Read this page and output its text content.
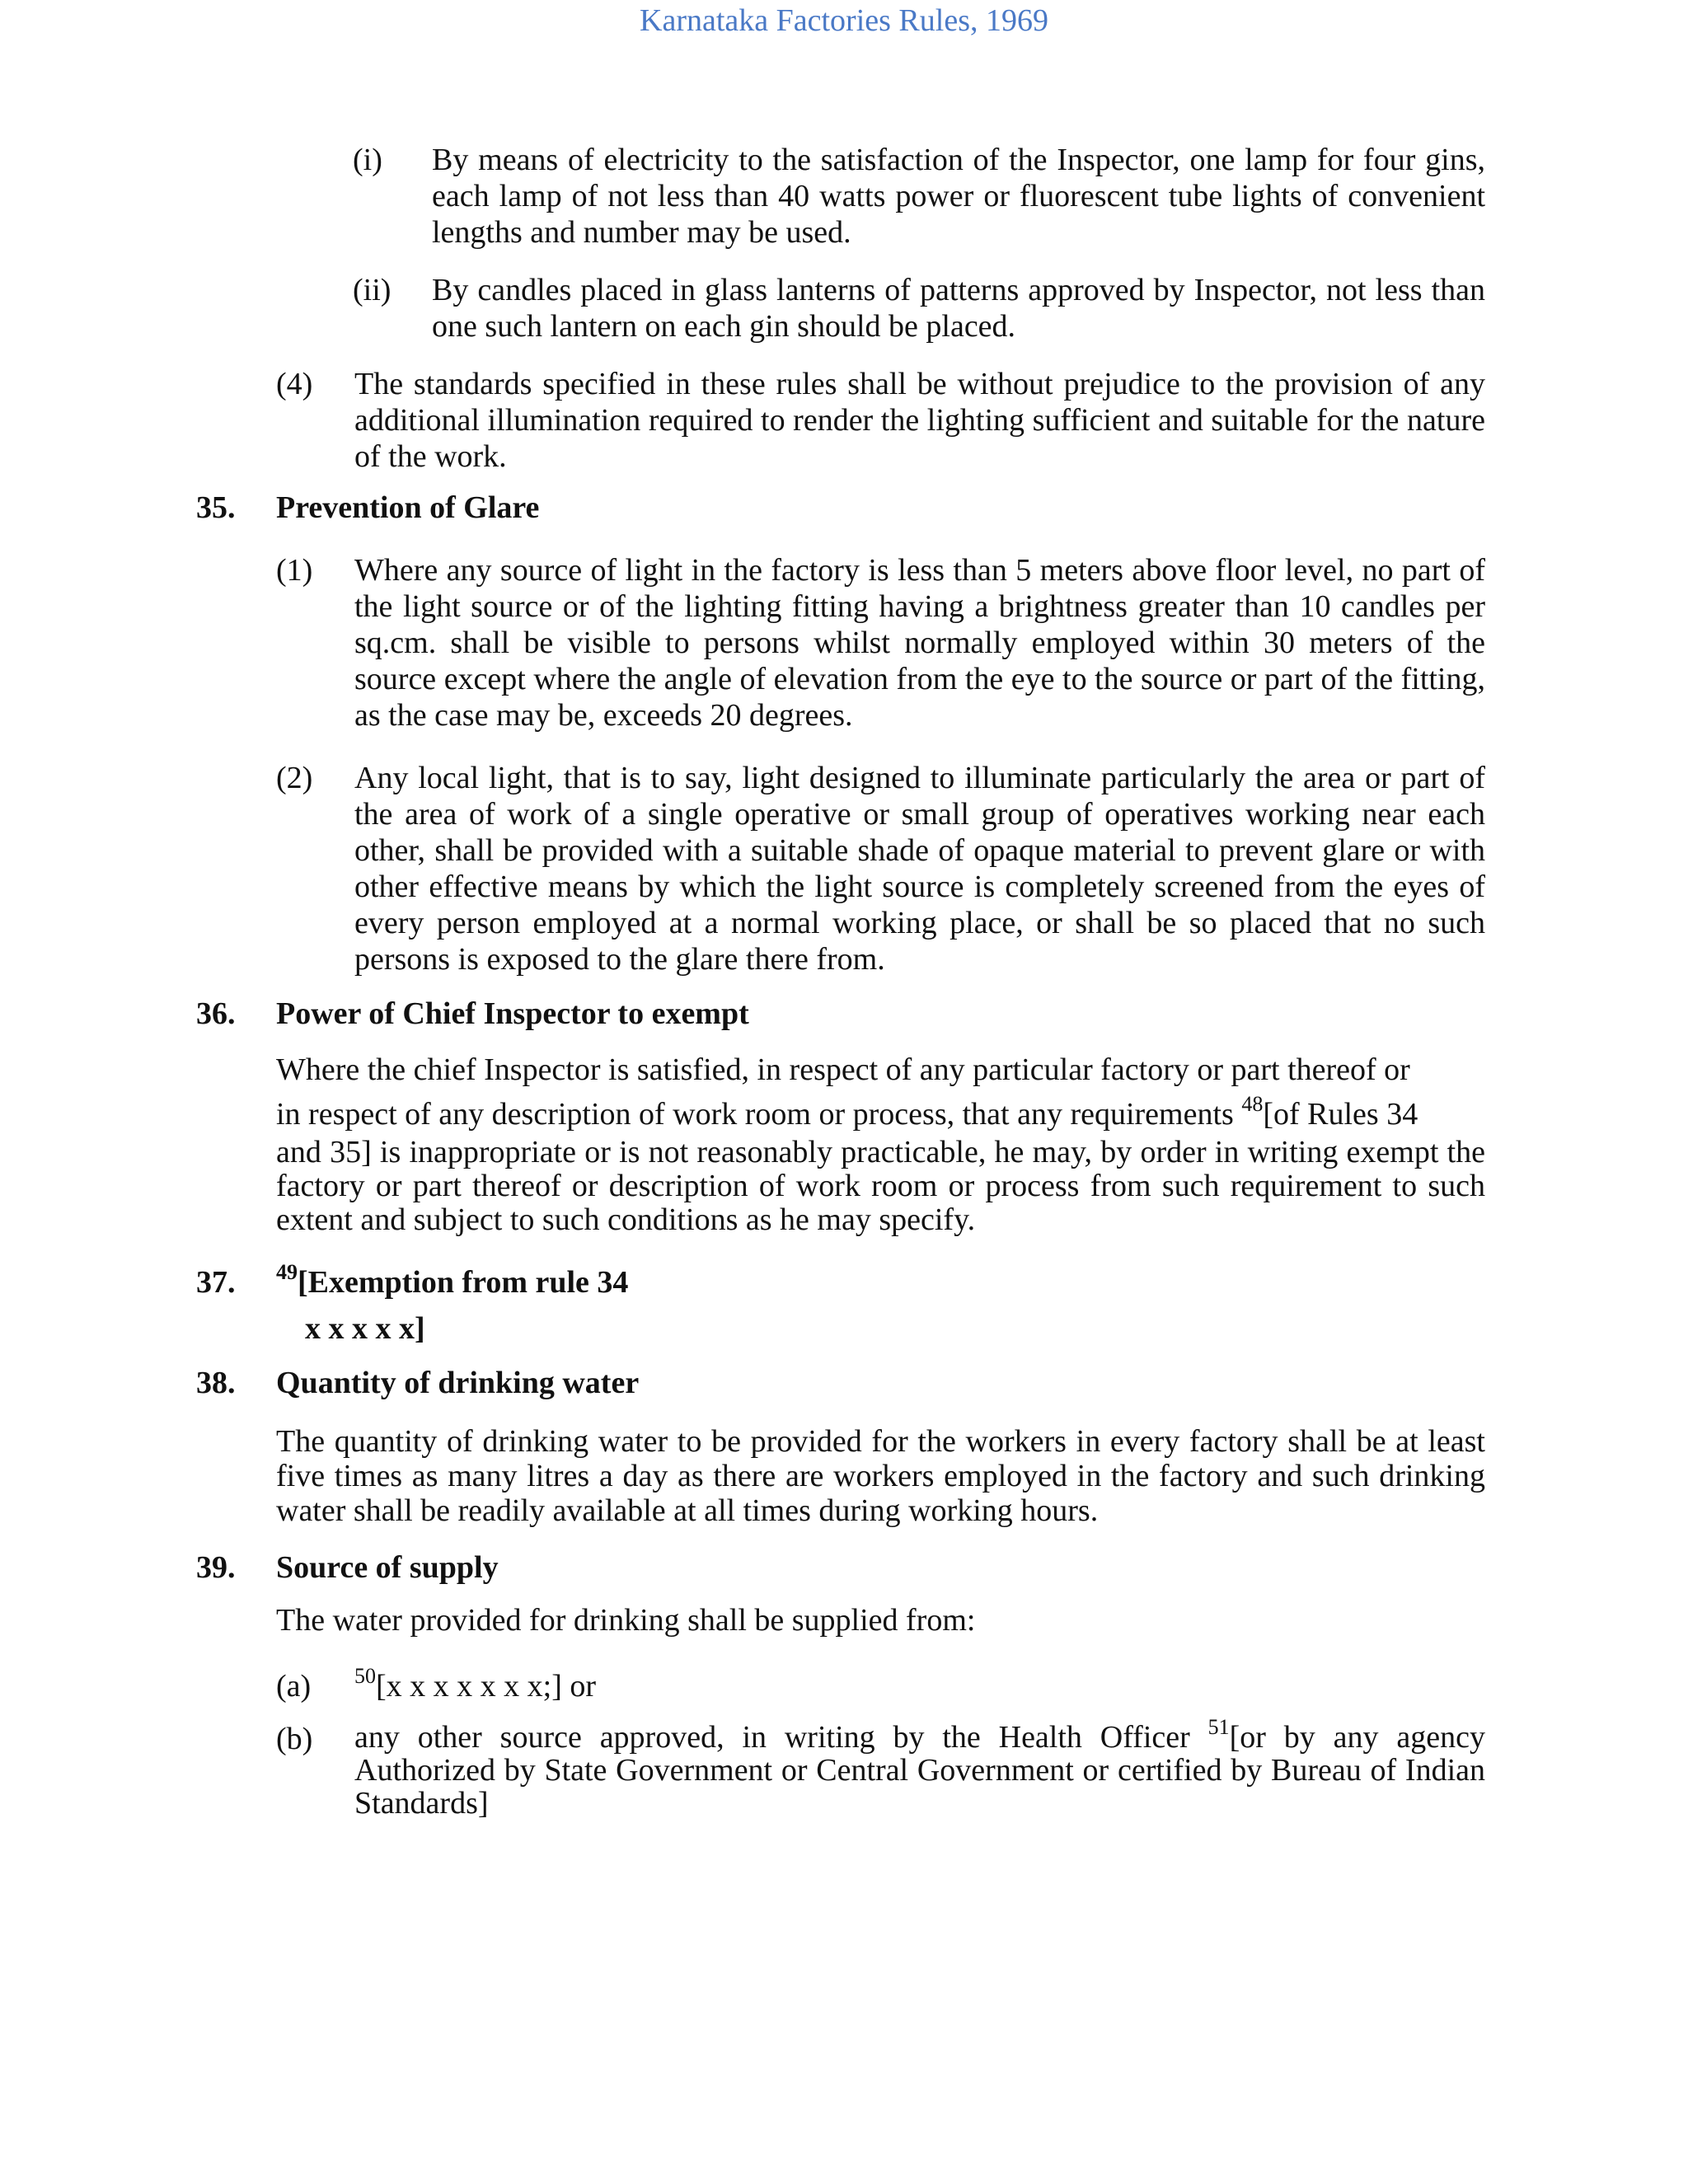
Karnataka Factories Rules, 1969
(i) By means of electricity to the satisfaction of the Inspector, one lamp for four gins, each lamp of not less than 40 watts power or fluorescent tube lights of convenient lengths and number may be used.
(ii) By candles placed in glass lanterns of patterns approved by Inspector, not less than one such lantern on each gin should be placed.
(4) The standards specified in these rules shall be without prejudice to the provision of any additional illumination required to render the lighting sufficient and suitable for the nature of the work.
35. Prevention of Glare
(1) Where any source of light in the factory is less than 5 meters above floor level, no part of the light source or of the lighting fitting having a brightness greater than 10 candles per sq.cm. shall be visible to persons whilst normally employed within 30 meters of the source except where the angle of elevation from the eye to the source or part of the fitting, as the case may be, exceeds 20 degrees.
(2) Any local light, that is to say, light designed to illuminate particularly the area or part of the area of work of a single operative or small group of operatives working near each other, shall be provided with a suitable shade of opaque material to prevent glare or with other effective means by which the light source is completely screened from the eyes of every person employed at a normal working place, or shall be so placed that no such persons is exposed to the glare there from.
36. Power of Chief Inspector to exempt
Where the chief Inspector is satisfied, in respect of any particular factory or part thereof or
in respect of any description of work room or process, that any requirements $^{48}$[of Rules 34
and 35] is inappropriate or is not reasonably practicable, he may, by order in writing exempt the factory or part thereof or description of work room or process from such requirement to such extent and subject to such conditions as he may specify.
37. $^{49}$[Exemption from rule 34
x x x x x]
38. Quantity of drinking water
The quantity of drinking water to be provided for the workers in every factory shall be at least five times as many litres a day as there are workers employed in the factory and such drinking water shall be readily available at all times during working hours.
39. Source of supply
The water provided for drinking shall be supplied from:
(a) $^{50}$[x x x x x x x;] or
(b) any other source approved, in writing by the Health Officer $^{51}$[or by any agency Authorized by State Government or Central Government or certified by Bureau of Indian Standards]
